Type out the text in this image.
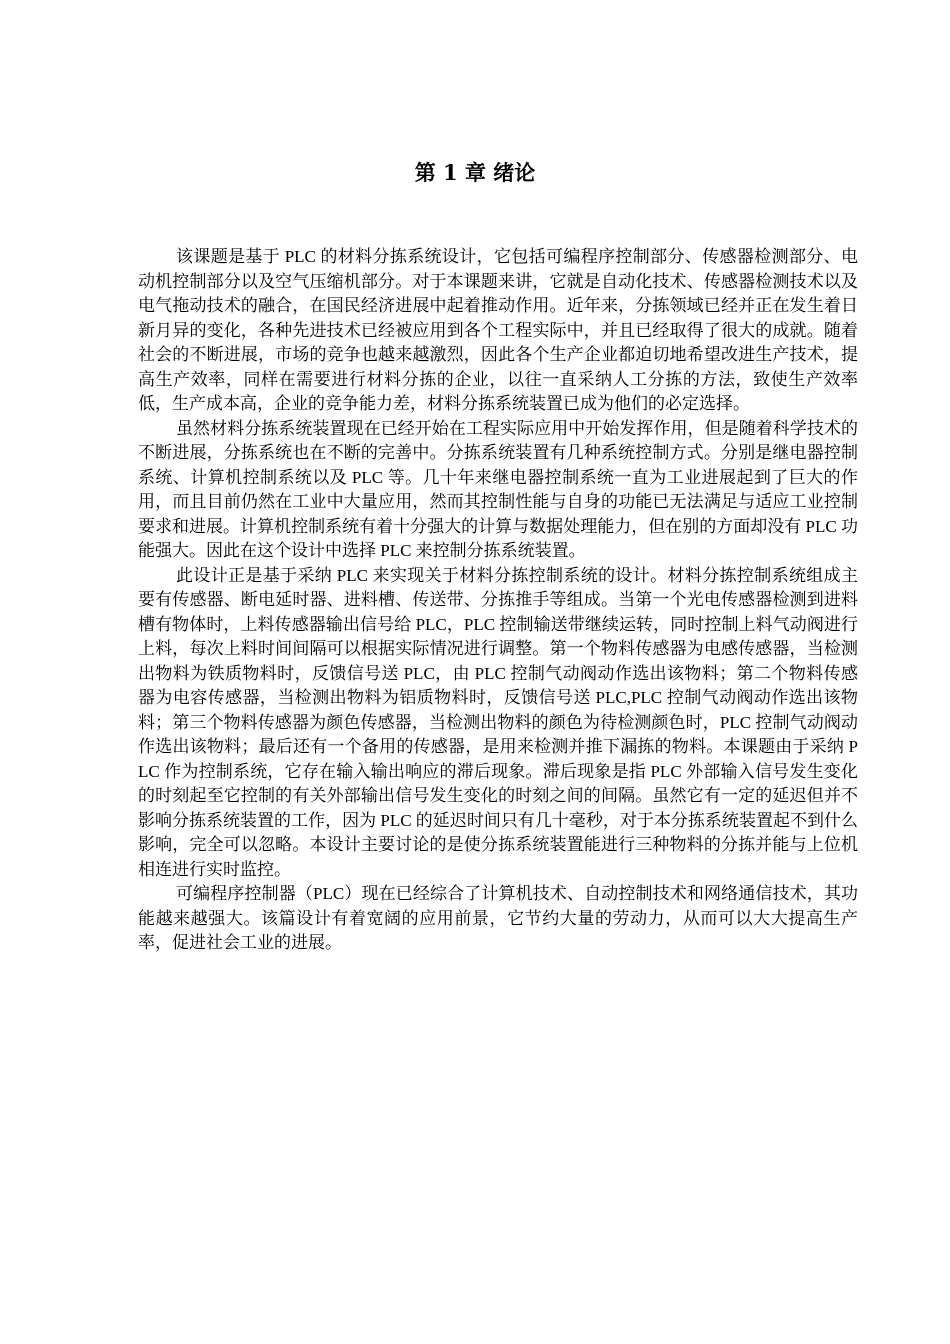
第 1 章 绪论

该课题是基于 PLC 的材料分拣系统设计，它包括可编程序控制部分、传感器检测部分、电动机控制部分以及空气压缩机部分。对于本课题来讲，它就是自动化技术、传感器检测技术以及电气拖动技术的融合，在国民经济进展中起着推动作用。近年来，分拣领域已经并正在发生着日新月异的变化，各种先进技术已经被应用到各个工程实际中，并且已经取得了很大的成就。随着社会的不断进展，市场的竞争也越来越激烈，因此各个生产企业都迫切地希望改进生产技术，提高生产效率，同样在需要进行材料分拣的企业，以往一直采纳人工分拣的方法，致使生产效率低，生产成本高，企业的竞争能力差，材料分拣系统装置已成为他们的必定选择。

虽然材料分拣系统装置现在已经开始在工程实际应用中开始发挥作用，但是随着科学技术的不断进展，分拣系统也在不断的完善中。分拣系统装置有几种系统控制方式。分别是继电器控制系统、计算机控制系统以及 PLC 等。几十年来继电器控制系统一直为工业进展起到了巨大的作用，而且目前仍然在工业中大量应用，然而其控制性能与自身的功能已无法满足与适应工业控制要求和进展。计算机控制系统有着十分强大的计算与数据处理能力，但在别的方面却没有 PLC 功能强大。因此在这个设计中选择 PLC 来控制分拣系统装置。

此设计正是基于采纳 PLC 来实现关于材料分拣控制系统的设计。材料分拣控制系统组成主要有传感器、断电延时器、进料槽、传送带、分拣推手等组成。当第一个光电传感器检测到进料槽有物体时，上料传感器输出信号给 PLC，PLC 控制输送带继续运转，同时控制上料气动阀进行上料，每次上料时间间隔可以根据实际情况进行调整。第一个物料传感器为电感传感器，当检测出物料为铁质物料时，反馈信号送 PLC，由 PLC 控制气动阀动作选出该物料；第二个物料传感器为电容传感器，当检测出物料为铝质物料时，反馈信号送 PLC,PLC 控制气动阀动作选出该物料；第三个物料传感器为颜色传感器，当检测出物料的颜色为待检测颜色时，PLC 控制气动阀动作选出该物料；最后还有一个备用的传感器，是用来检测并推下漏拣的物料。本课题由于采纳 PLC 作为控制系统，它存在输入输出响应的滞后现象。滞后现象是指 PLC 外部输入信号发生变化的时刻起至它控制的有关外部输出信号发生变化的时刻之间的间隔。虽然它有一定的延迟但并不影响分拣系统装置的工作，因为 PLC 的延迟时间只有几十毫秒，对于本分拣系统装置起不到什么影响，完全可以忽略。本设计主要讨论的是使分拣系统装置能进行三种物料的分拣并能与上位机相连进行实时监控。

可编程序控制器（PLC）现在已经综合了计算机技术、自动控制技术和网络通信技术，其功能越来越强大。该篇设计有着宽阔的应用前景，它节约大量的劳动力，从而可以大大提高生产率，促进社会工业的进展。
